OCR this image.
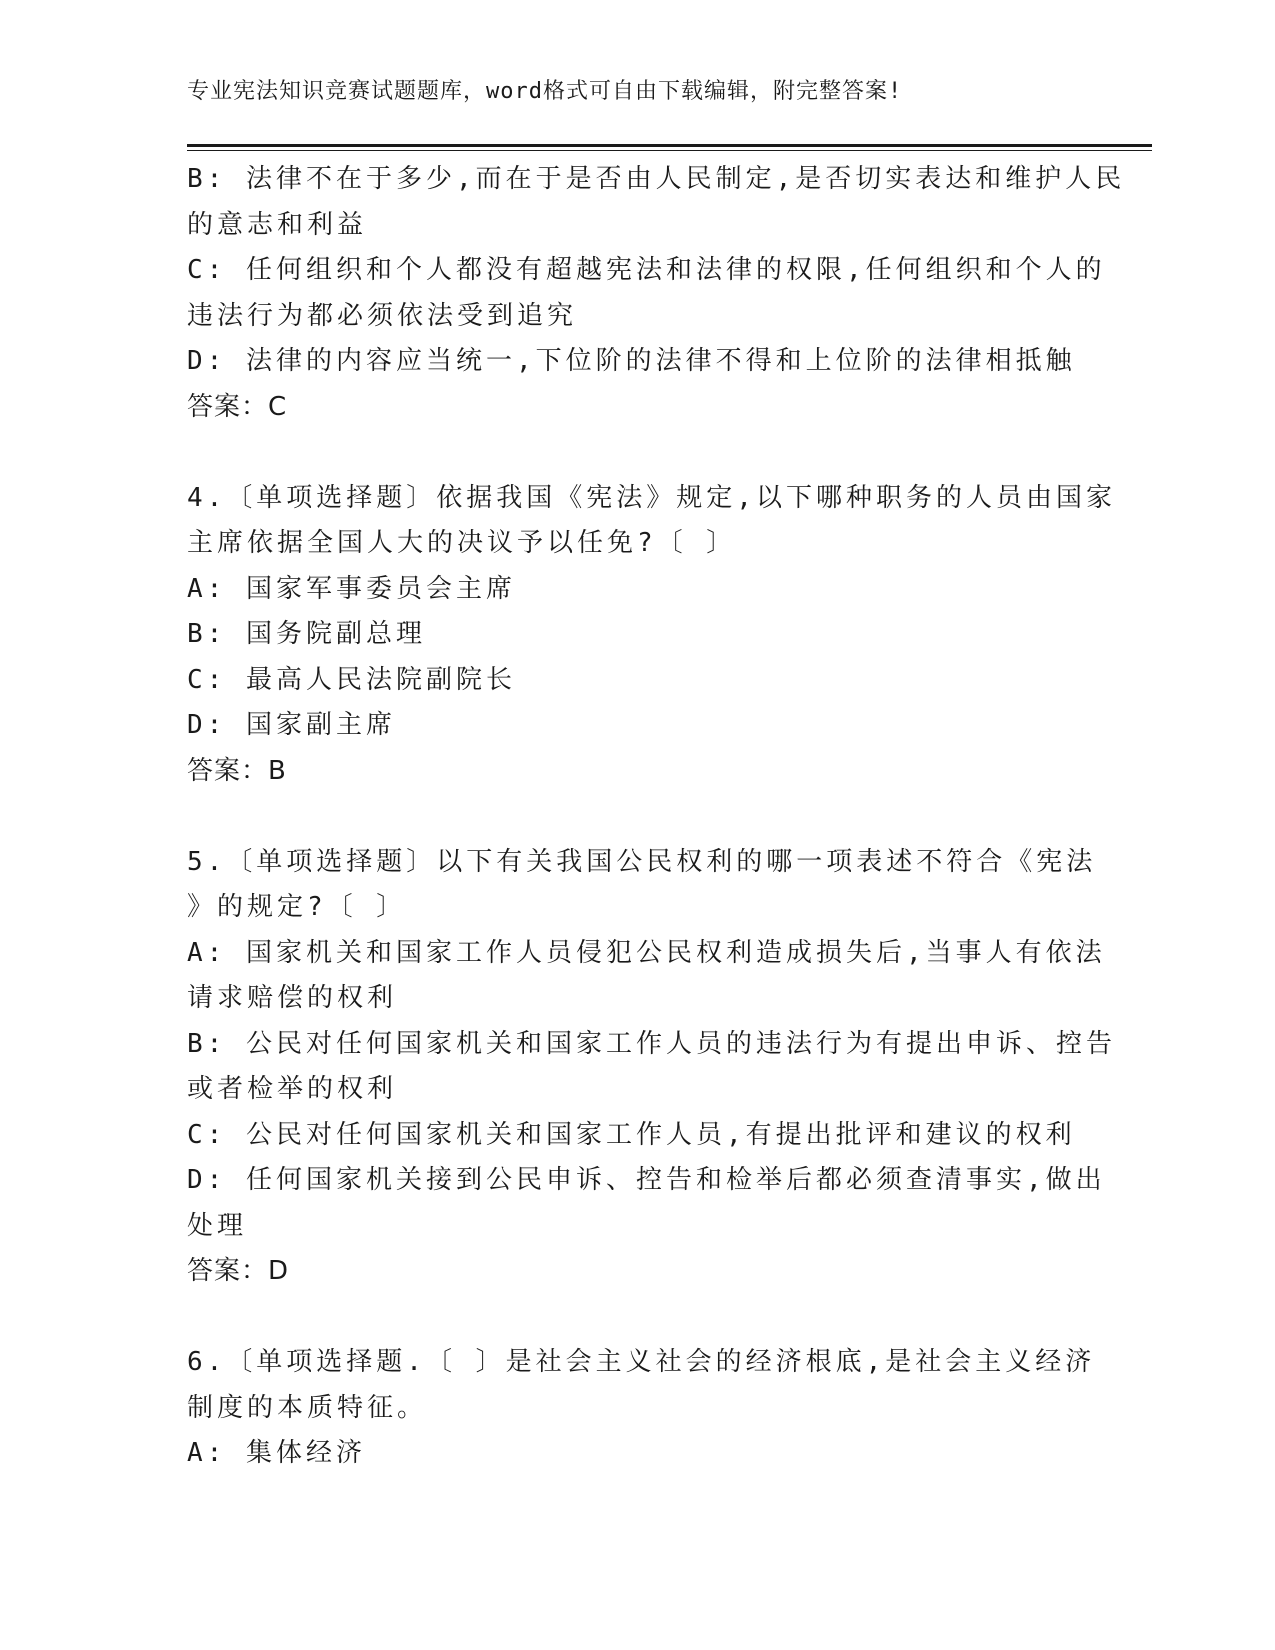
专业宪法知识竞赛试题题库，word格式可自由下载编辑，附完整答案!
B: 法律不在于多少,而在于是否由人民制定,是否切实表达和维护人民
的意志和利益
C: 任何组织和个人都没有超越宪法和法律的权限,任何组织和个人的
违法行为都必须依法受到追究
D: 法律的内容应当统一,下位阶的法律不得和上位阶的法律相抵触
答案：C
4.〔单项选择题〕依据我国《宪法》规定,以下哪种职务的人员由国家
主席依据全国人大的决议予以任免?〔 〕
A: 国家军事委员会主席
B: 国务院副总理
C: 最高人民法院副院长
D: 国家副主席
答案：B
5.〔单项选择题〕以下有关我国公民权利的哪一项表述不符合《宪法
》的规定?〔 〕
A: 国家机关和国家工作人员侵犯公民权利造成损失后,当事人有依法
请求赔偿的权利
B: 公民对任何国家机关和国家工作人员的违法行为有提出申诉、控告
或者检举的权利
C: 公民对任何国家机关和国家工作人员,有提出批评和建议的权利
D: 任何国家机关接到公民申诉、控告和检举后都必须查清事实,做出
处理
答案：D
6.〔单项选择题.〔 〕是社会主义社会的经济根底,是社会主义经济
制度的本质特征。
A: 集体经济
